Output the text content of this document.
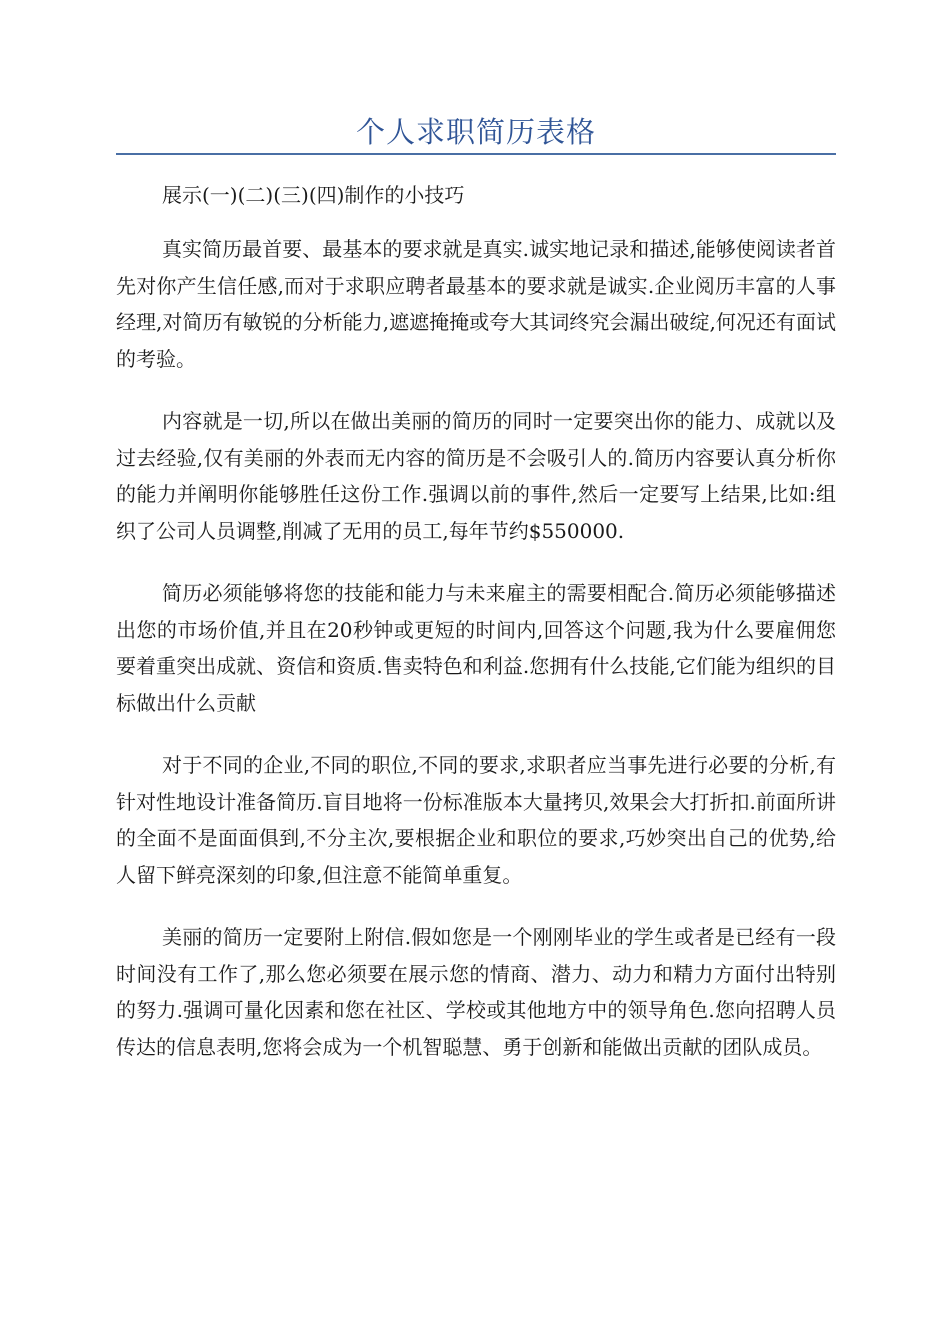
个人求职简历表格

展示(一)(二)(三)(四)制作的小技巧

真实简历最首要、最基本的要求就是真实.诚实地记录和描述,能够使阅读者首先对你产生信任感,而对于求职应聘者最基本的要求就是诚实.企业阅历丰富的人事经理,对简历有敏锐的分析能力,遮遮掩掩或夸大其词终究会漏出破绽,何况还有面试的考验。

内容就是一切,所以在做出美丽的简历的同时一定要突出你的能力、成就以及过去经验,仅有美丽的外表而无内容的简历是不会吸引人的.简历内容要认真分析你的能力并阐明你能够胜任这份工作.强调以前的事件,然后一定要写上结果,比如:组织了公司人员调整,削减了无用的员工,每年节约$550000.

简历必须能够将您的技能和能力与未来雇主的需要相配合.简历必须能够描述出您的市场价值,并且在20秒钟或更短的时间内,回答这个问题,我为什么要雇佣您要着重突出成就、资信和资质.售卖特色和利益.您拥有什么技能,它们能为组织的目标做出什么贡献

对于不同的企业,不同的职位,不同的要求,求职者应当事先进行必要的分析,有针对性地设计准备简历.盲目地将一份标准版本大量拷贝,效果会大打折扣.前面所讲的全面不是面面俱到,不分主次,要根据企业和职位的要求,巧妙突出自己的优势,给人留下鲜亮深刻的印象,但注意不能简单重复。

美丽的简历一定要附上附信.假如您是一个刚刚毕业的学生或者是已经有一段时间没有工作了,那么您必须要在展示您的情商、潜力、动力和精力方面付出特别的努力.强调可量化因素和您在社区、学校或其他地方中的领导角色.您向招聘人员传达的信息表明,您将会成为一个机智聪慧、勇于创新和能做出贡献的团队成员。
